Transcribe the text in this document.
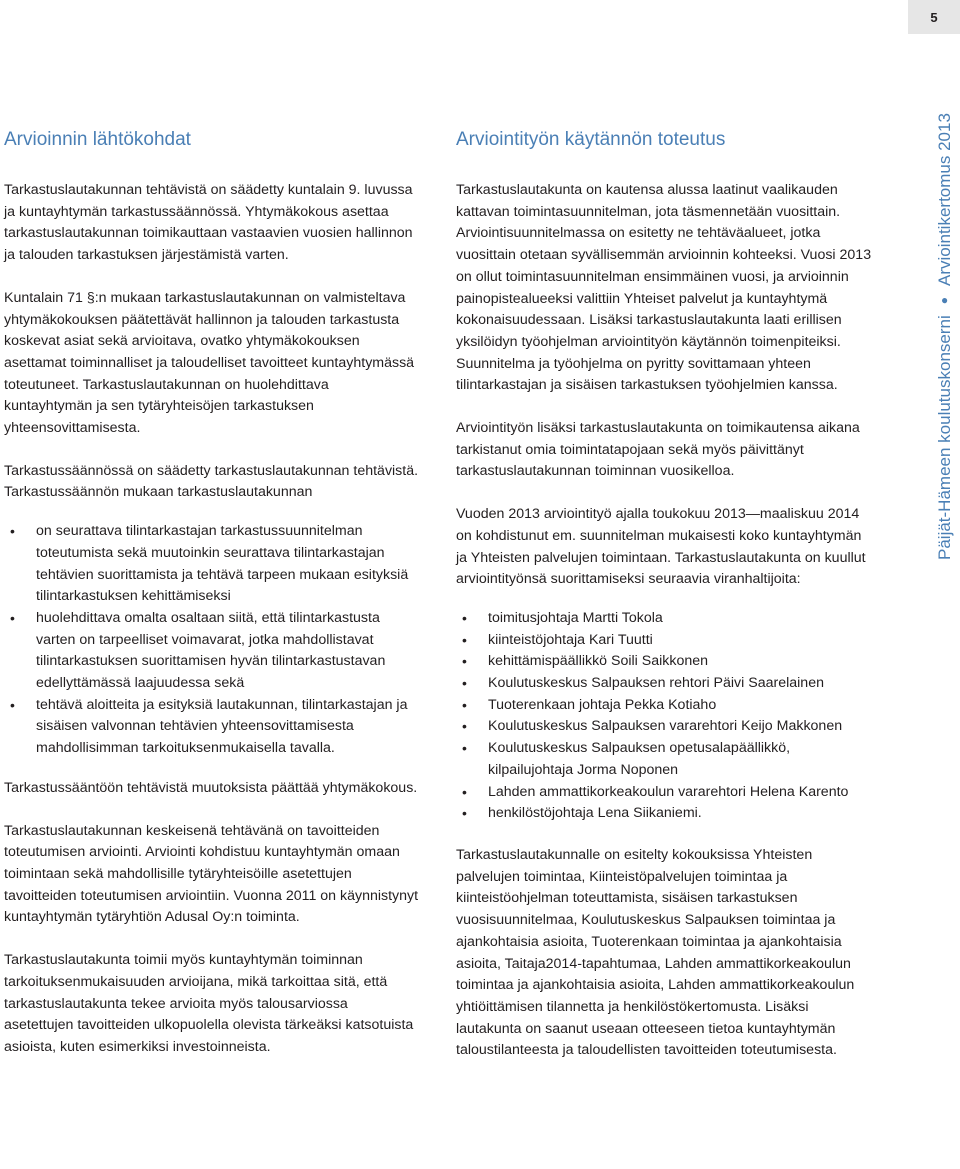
5
Arvioinnin lähtökohdat

Tarkastuslautakunnan tehtävistä on säädetty kuntalain 9. luvussa ja kuntayhtymän tarkastussäännössä. Yhtymäkokous asettaa tarkastuslautakunnan toimikauttaan vastaavien vuosien hallinnon ja talouden tarkastuksen järjestämistä varten.

Kuntalain 71 §:n mukaan tarkastuslautakunnan on valmisteltava yhtymäkokouksen päätettävät hallinnon ja talouden tarkastusta koskevat asiat sekä arvioitava, ovatko yhtymäkokouksen asettamat toiminnalliset ja taloudelliset tavoitteet kuntayhtymässä toteutuneet. Tarkastuslautakunnan on huolehdittava kuntayhtymän ja sen tytäryhteisöjen tarkastuksen yhteensovittamisesta.

Tarkastussäännössä on säädetty tarkastuslautakunnan tehtävistä. Tarkastussäännön mukaan tarkastuslautakunnan

• on seurattava tilintarkastajan tarkastussuunnitelman toteutumista sekä muutoinkin seurattava tilintarkastajan tehtävien suorittamista ja tehtävä tarpeen mukaan esityksiä tilintarkastuksen kehittämiseksi
• huolehdittava omalta osaltaan siitä, että tilintarkastusta varten on tarpeelliset voimavarat, jotka mahdollistavat tilintarkastuksen suorittamisen hyvän tilintarkastustavan edellyttämässä laajuudessa sekä
• tehtävä aloitteita ja esityksiä lautakunnan, tilintarkastajan ja sisäisen valvonnan tehtävien yhteensovittamisesta mahdollisimman tarkoituksenmukaisella tavalla.

Tarkastussääntöön tehtävistä muutoksista päättää yhtymäkokous.

Tarkastuslautakunnan keskeisenä tehtävänä on tavoitteiden toteutumisen arviointi. Arviointi kohdistuu kuntayhtymän omaan toimintaan sekä mahdollisille tytäryhteisöille asetettujen tavoitteiden toteutumisen arviointiin. Vuonna 2011 on käynnistynyt kuntayhtymän tytäryhtiön Adusal Oy:n toiminta.

Tarkastuslautakunta toimii myös kuntayhtymän toiminnan tarkoituksenmukaisuuden arvioijana, mikä tarkoittaa sitä, että tarkastuslautakunta tekee arvioita myös talousarviossa asetettujen tavoitteiden ulkopuolella olevista tärkeäksi katsotuista asioista, kuten esimerkiksi investoinneista.

Arviointityön käytännön toteutus

Tarkastuslautakunta on kautensa alussa laatinut vaalikauden kattavan toimintasuunnitelman, jota täsmennetään vuosittain. Arviointisuunnitelmassa on esitetty ne tehtäväalueet, jotka vuosittain otetaan syvällisemmän arvioinnin kohteeksi. Vuosi 2013 on ollut toimintasuunnitelman ensimmäinen vuosi, ja arvioinnin painopistealueeksi valittiin Yhteiset palvelut ja kuntayhtymä kokonaisuudessaan. Lisäksi tarkastuslautakunta laati erillisen yksilöidyn työohjelman arviointityön käytännön toimenpiteiksi. Suunnitelma ja työohjelma on pyritty sovittamaan yhteen tilintarkastajan ja sisäisen tarkastuksen työohjelmien kanssa.

Arviointityön lisäksi tarkastuslautakunta on toimikautensa aikana tarkistanut omia toimintatapojaan sekä myös päivittänyt tarkastuslautakunnan toiminnan vuosikelloa.

Vuoden 2013 arviointityö ajalla toukokuu 2013—maaliskuu 2014 on kohdistunut em. suunnitelman mukaisesti koko kuntayhtymän ja Yhteisten palvelujen toimintaan. Tarkastuslautakunta on kuullut arviointityönsä suorittamiseksi seuraavia viranhaltijoita:

• toimitusjohtaja Martti Tokola
• kiinteistöjohtaja Kari Tuutti
• kehittämispäällikkö Soili Saikkonen
• Koulutuskeskus Salpauksen rehtori Päivi Saarelainen
• Tuoterenkaan johtaja Pekka Kotiaho
• Koulutuskeskus Salpauksen vararehtori Keijo Makkonen
• Koulutuskeskus Salpauksen opetusalapäällikkö, kilpailujohtaja Jorma Noponen
• Lahden ammattikorkeakoulun vararehtori Helena Karento
• henkilöstöjohtaja Lena Siikaniemi.

Tarkastuslautakunnalle on esitelty kokouksissa Yhteisten palvelujen toimintaa, Kiinteistöpalvelujen toimintaa ja kiinteistöohjelman toteuttamista, sisäisen tarkastuksen vuosisuunnitelmaa, Koulutuskeskus Salpauksen toimintaa ja ajankohtaisia asioita, Tuoterenkaan toimintaa ja ajankohtaisia asioita, Taitaja2014-tapahtumaa, Lahden ammattikorkeakoulun toimintaa ja ajankohtaisia asioita, Lahden ammattikorkeakoulun yhtiöittämisen tilannetta ja henkilöstökertomusta. Lisäksi lautakunta on saanut useaan otteeseen tietoa kuntayhtymän taloustilanteesta ja taloudellisten tavoitteiden toteutumisesta.

Päijät-Hämeen koulutuskonserni●Arviointikertomus 2013
